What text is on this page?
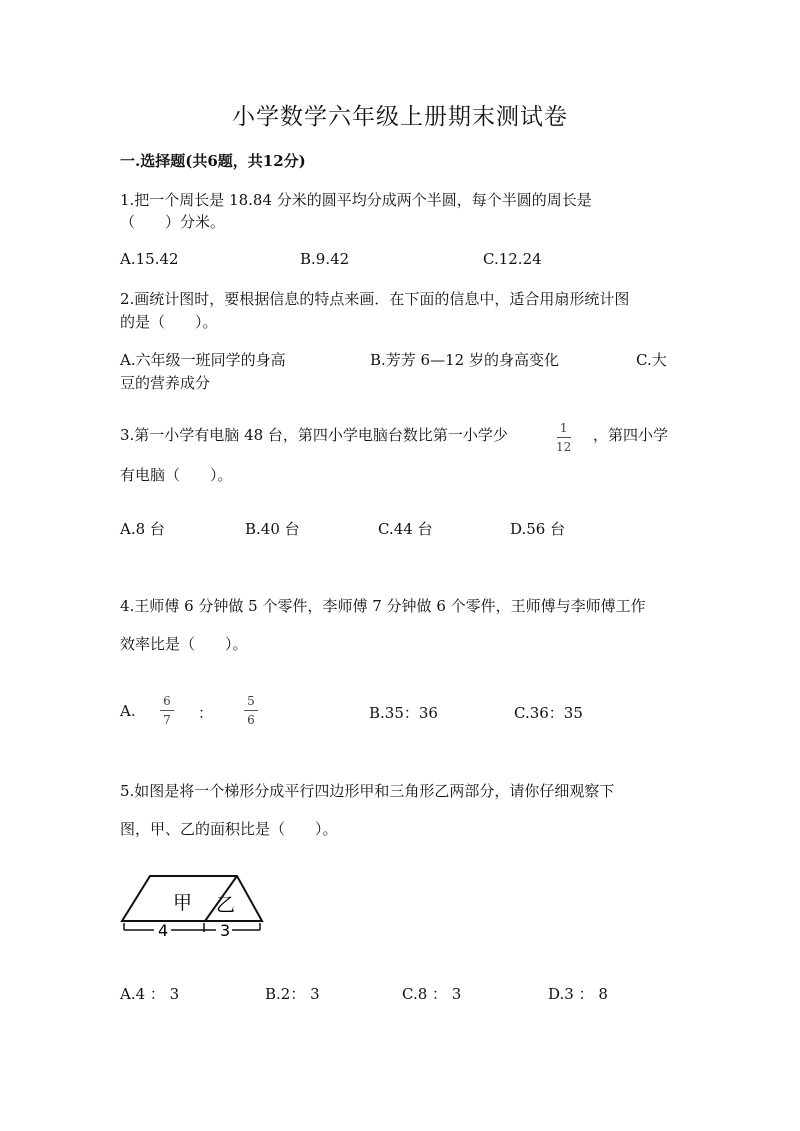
小学数学六年级上册期末测试卷
一.选择题(共6题，共12分)
1.把一个周长是 18.84 分米的圆平均分成两个半圆，每个半圆的周长是
（　　）分米。
A.15.42	B.9.42	C.12.24
2.画统计图时，要根据信息的特点来画．在下面的信息中，适合用扇形统计图
的是（　　）。
A.六年级一班同学的身高	B.芳芳 6—12 岁的身高变化	C.大
豆的营养成分
3.第一小学有电脑 48 台，第四小学电脑台数比第一小学少	1
12
，第四小学
有电脑（　　）。
A.8 台	B.40 台	C.44 台	D.56 台
4.王师傅 6 分钟做 5 个零件，李师傅 7 分钟做 6 个零件，王师傅与李师傅工作
效率比是（　　）。
A.
6
7 ：
5
6	B.35：36	C.36：35
5.如图是将一个梯形分成平行四边形甲和三角形乙两部分，请你仔细观察下
图，甲、乙的面积比是（　　）。
甲 乙
4	3
A.4 ： 3	B.2： 3	C.8 ： 3	D.3 ： 8
